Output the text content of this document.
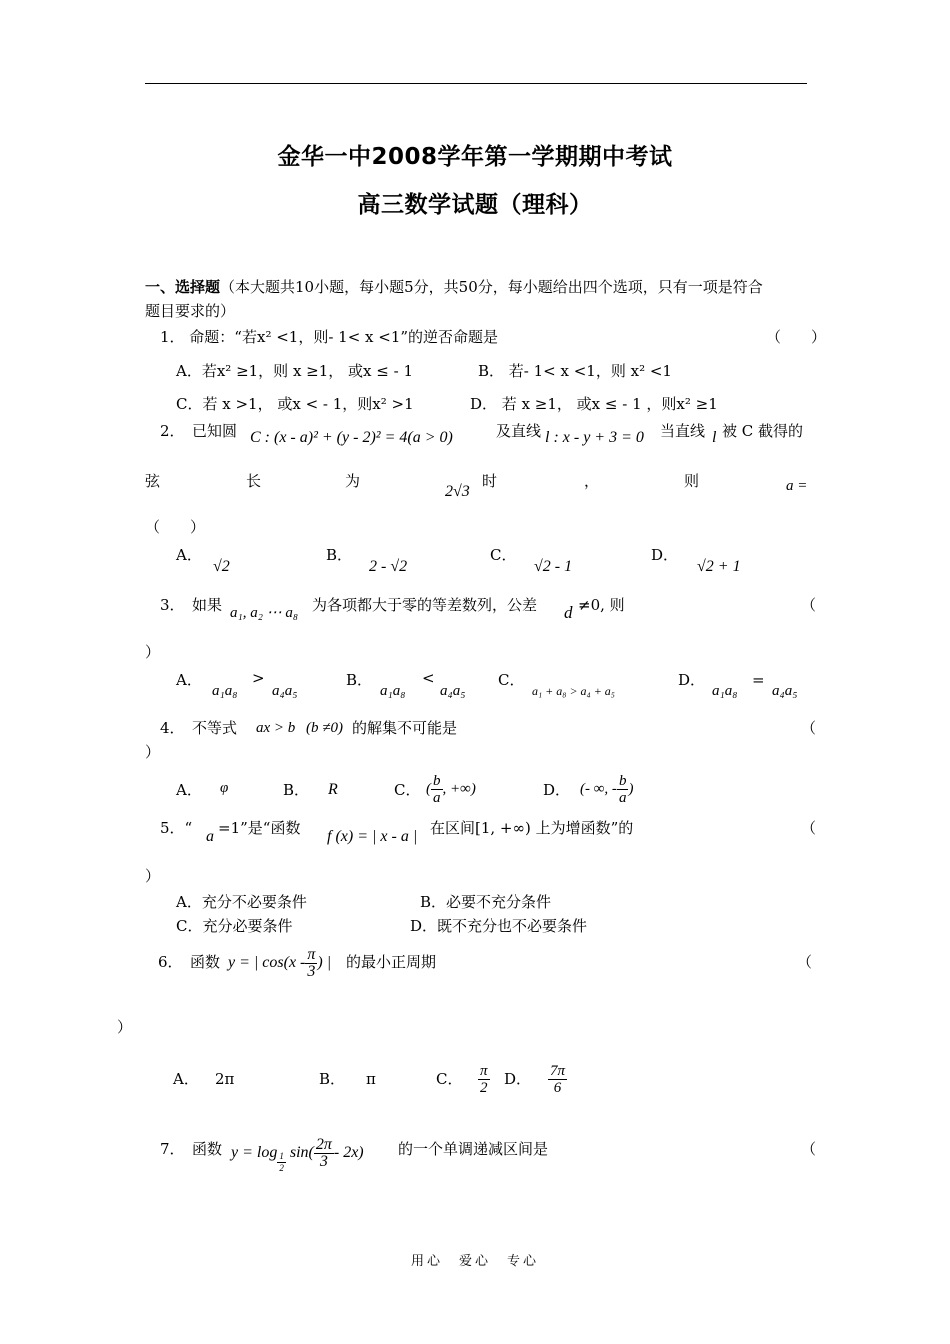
金华一中2008学年第一学期期中考试
高三数学试题（理科）
一、选择题（本大题共10小题，每小题5分，共50分，每小题给出四个选项，只有一项是符合
题目要求的）
1． 命题：“若x² <1，则- 1< x <1”的逆否命题是	（　　）
A．若x² ≥1，则 x ≥1， 或x ≤ - 1	B． 若- 1< x <1，则 x² <1
C．若 x >1， 或x < - 1，则x² >1	D． 若 x ≥1， 或x ≤ - 1 ，则x² ≥1
2．　已知圆 C : (x - a)² + (y - 2)² = 4(a > 0)	及直线 l : x - y + 3 = 0 当直线 l 被 C 截得的
弦	长	为
2√3
时	，	则	a =
（　　）
A．
√2
B．
2 - √2
C．
√2 - 1
D．
√2 + 1
3．　如果 a₁, a₂ ⋯ a₈ 为各项都大于零的等差数列，公差 d ≠0, 则	（
）
A．
a₁a₈
>
a₄a₅
B．
a₁a₈
<
a₄a₅
C．
a₁ + a₈ > a₄ + a₅
D．
a₁a₈
=
a₄a₅
4．　不等式 ax > b (b ≠0) 的解集不可能是	（
）
A． φ	B． R	C． ( $\frac{b}{a}$ , +∞)	D． (- ∞, - $\frac{b}{a}$ )
5．“ a =1”是“函数 f (x) = | x - a | 在区间[1, +∞) 上为增函数”的	（
）
A．充分不必要条件	B．必要不充分条件
C．充分必要条件	D．既不充分也不必要条件
6．　函数 y = | $\cos(x - \frac{\pi}{3}$ ) | 的最小正周期	（
）
A． 2π	B． π	C． $\frac{\pi}{2}$ D． $\frac{7\pi}{6}$
7．　函数 $y = \log \frac{1}{2} \sin( \frac{2\pi}{3} - 2x)$ 的一个单调递减区间是	（
用心　爱心　专心
